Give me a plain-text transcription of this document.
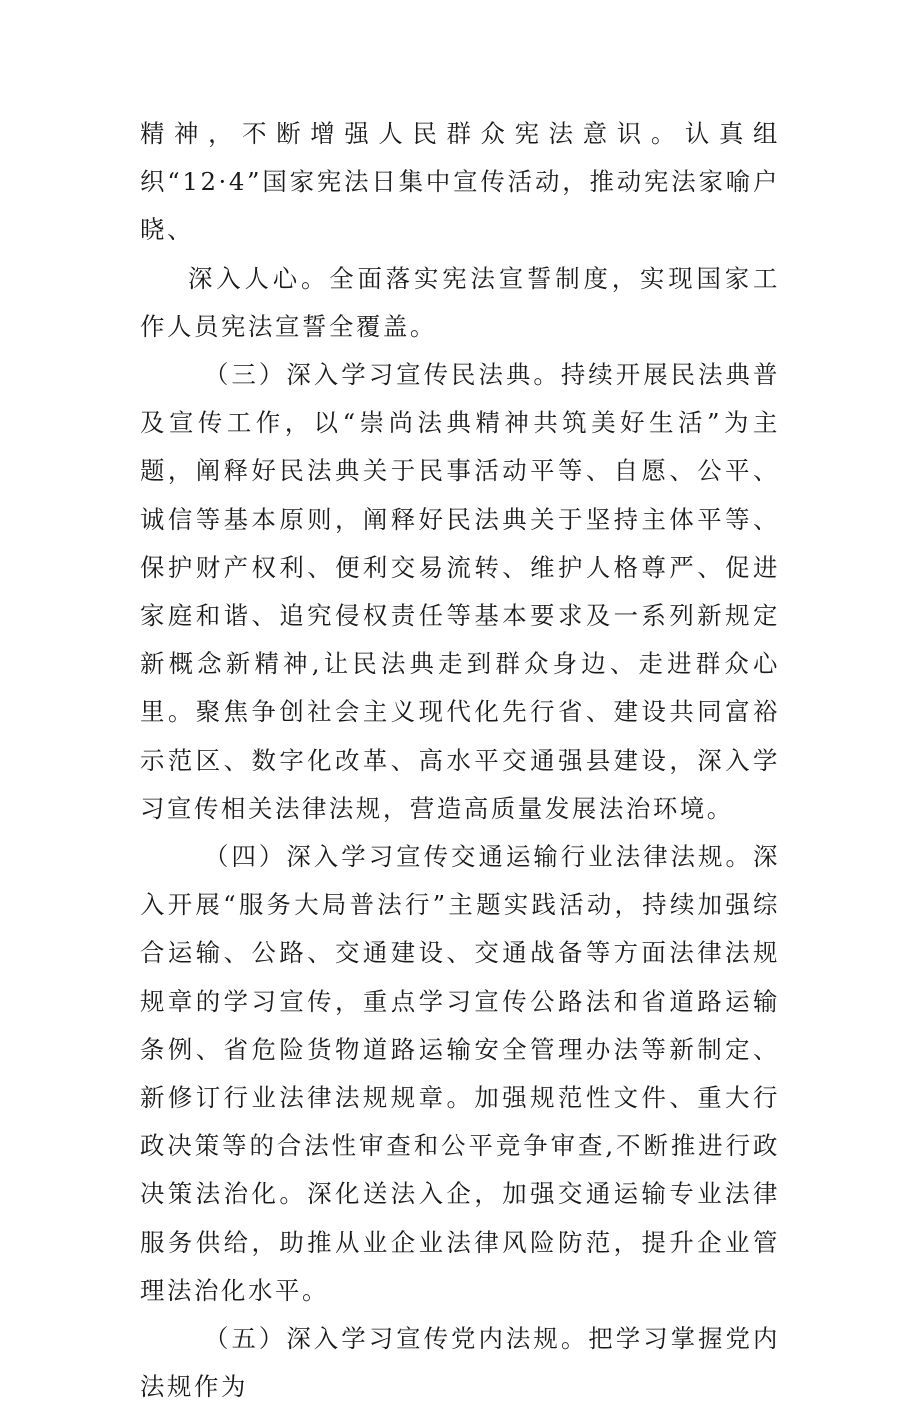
精神，不断增强人民群众宪法意识。认真组织“12·4”国家宪法日集中宣传活动，推动宪法家喻户晓、

深入人心。全面落实宪法宣誓制度，实现国家工作人员宪法宣誓全覆盖。

（三）深入学习宣传民法典。持续开展民法典普及宣传工作，以“崇尚法典精神共筑美好生活”为主题，阐释好民法典关于民事活动平等、自愿、公平、诚信等基本原则，阐释好民法典关于坚持主体平等、保护财产权利、便利交易流转、维护人格尊严、促进家庭和谐、追究侵权责任等基本要求及一系列新规定新概念新精神,让民法典走到群众身边、走进群众心里。聚焦争创社会主义现代化先行省、建设共同富裕示范区、数字化改革、高水平交通强县建设，深入学习宣传相关法律法规，营造高质量发展法治环境。

（四）深入学习宣传交通运输行业法律法规。深入开展“服务大局普法行”主题实践活动，持续加强综合运输、公路、交通建设、交通战备等方面法律法规规章的学习宣传，重点学习宣传公路法和省道路运输条例、省危险货物道路运输安全管理办法等新制定、新修订行业法律法规规章。加强规范性文件、重大行政决策等的合法性审查和公平竞争审查,不断推进行政决策法治化。深化送法入企，加强交通运输专业法律服务供给，助推从业企业法律风险防范，提升企业管理法治化水平。

（五）深入学习宣传党内法规。把学习掌握党内法规作为
